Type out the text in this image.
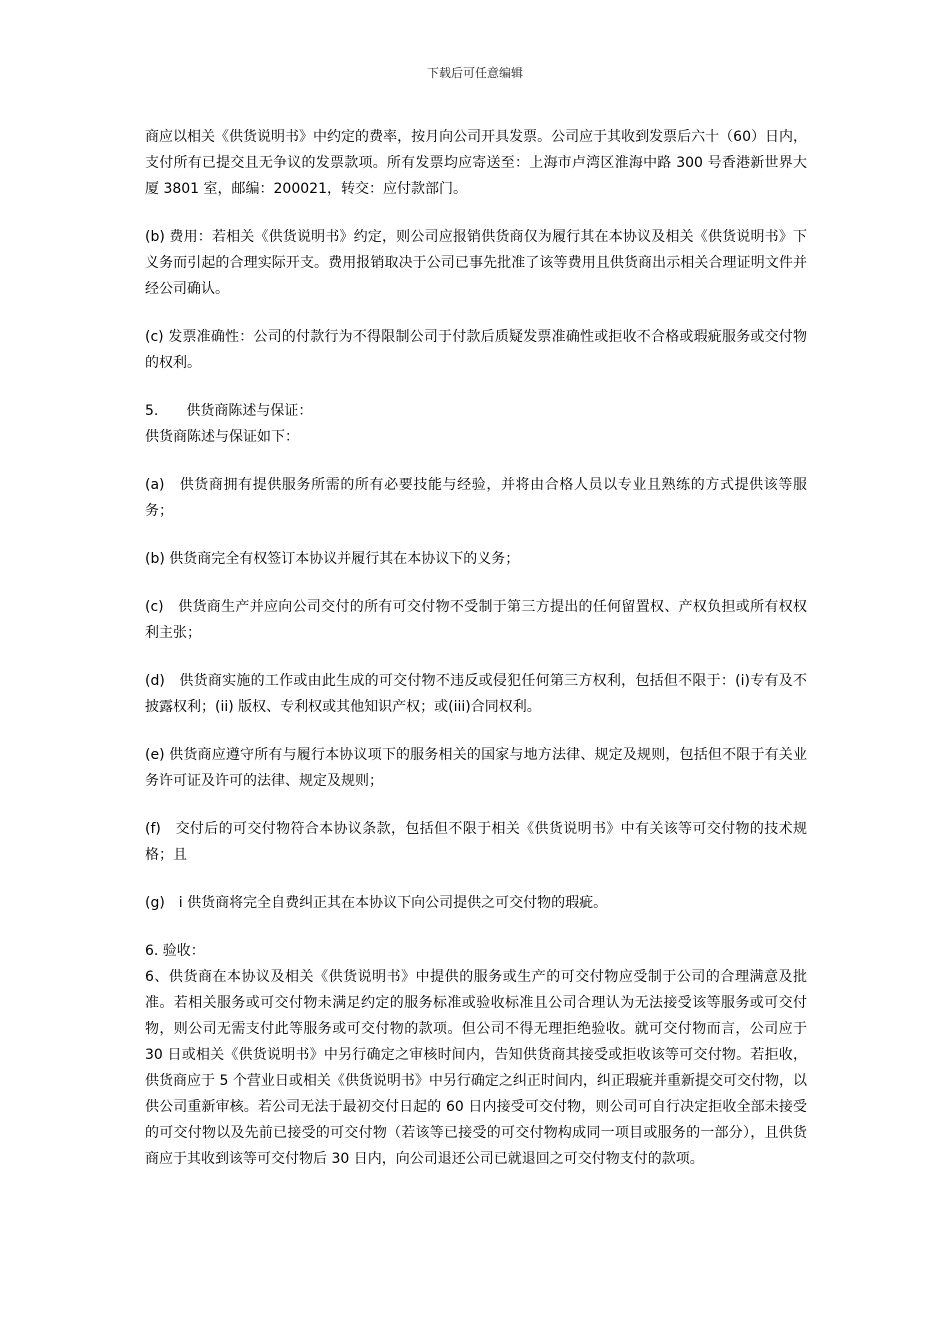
下载后可任意编辑

商应以相关《供货说明书》中约定的费率，按月向公司开具发票。公司应于其收到发票后六十（60）日内，支付所有已提交且无争议的发票款项。所有发票均应寄送至：上海市卢湾区淮海中路 300 号香港新世界大厦 3801 室，邮编：200021，转交：应付款部门。

(b) 费用：若相关《供货说明书》约定，则公司应报销供货商仅为履行其在本协议及相关《供货说明书》下义务而引起的合理实际开支。费用报销取决于公司已事先批准了该等费用且供货商出示相关合理证明文件并经公司确认。

(c) 发票准确性：公司的付款行为不得限制公司于付款后质疑发票准确性或拒收不合格或瑕疵服务或交付物的权利。

5.　　供货商陈述与保证：

供货商陈述与保证如下：

(a)　供货商拥有提供服务所需的所有必要技能与经验，并将由合格人员以专业且熟练的方式提供该等服务；

(b) 供货商完全有权签订本协议并履行其在本协议下的义务；

(c)　供货商生产并应向公司交付的所有可交付物不受制于第三方提出的任何留置权、产权负担或所有权权利主张；

(d)　供货商实施的工作或由此生成的可交付物不违反或侵犯任何第三方权利，包括但不限于：(i)专有及不披露权利；(ii) 版权、专利权或其他知识产权；或(iii)合同权利。

(e) 供货商应遵守所有与履行本协议项下的服务相关的国家与地方法律、规定及规则，包括但不限于有关业务许可证及许可的法律、规定及规则；

(f)　交付后的可交付物符合本协议条款，包括但不限于相关《供货说明书》中有关该等可交付物的技术规格；且

(g)　i 供货商将完全自费纠正其在本协议下向公司提供之可交付物的瑕疵。

6. 验收：

6、供货商在本协议及相关《供货说明书》中提供的服务或生产的可交付物应受制于公司的合理满意及批准。若相关服务或可交付物未满足约定的服务标准或验收标准且公司合理认为无法接受该等服务或可交付物，则公司无需支付此等服务或可交付物的款项。但公司不得无理拒绝验收。就可交付物而言，公司应于 30 日或相关《供货说明书》中另行确定之审核时间内，告知供货商其接受或拒收该等可交付物。若拒收，供货商应于 5 个营业日或相关《供货说明书》中另行确定之纠正时间内，纠正瑕疵并重新提交可交付物，以供公司重新审核。若公司无法于最初交付日起的 60 日内接受可交付物，则公司可自行决定拒收全部未接受的可交付物以及先前已接受的可交付物（若该等已接受的可交付物构成同一项目或服务的一部分），且供货商应于其收到该等可交付物后 30 日内，向公司退还公司已就退回之可交付物支付的款项。
